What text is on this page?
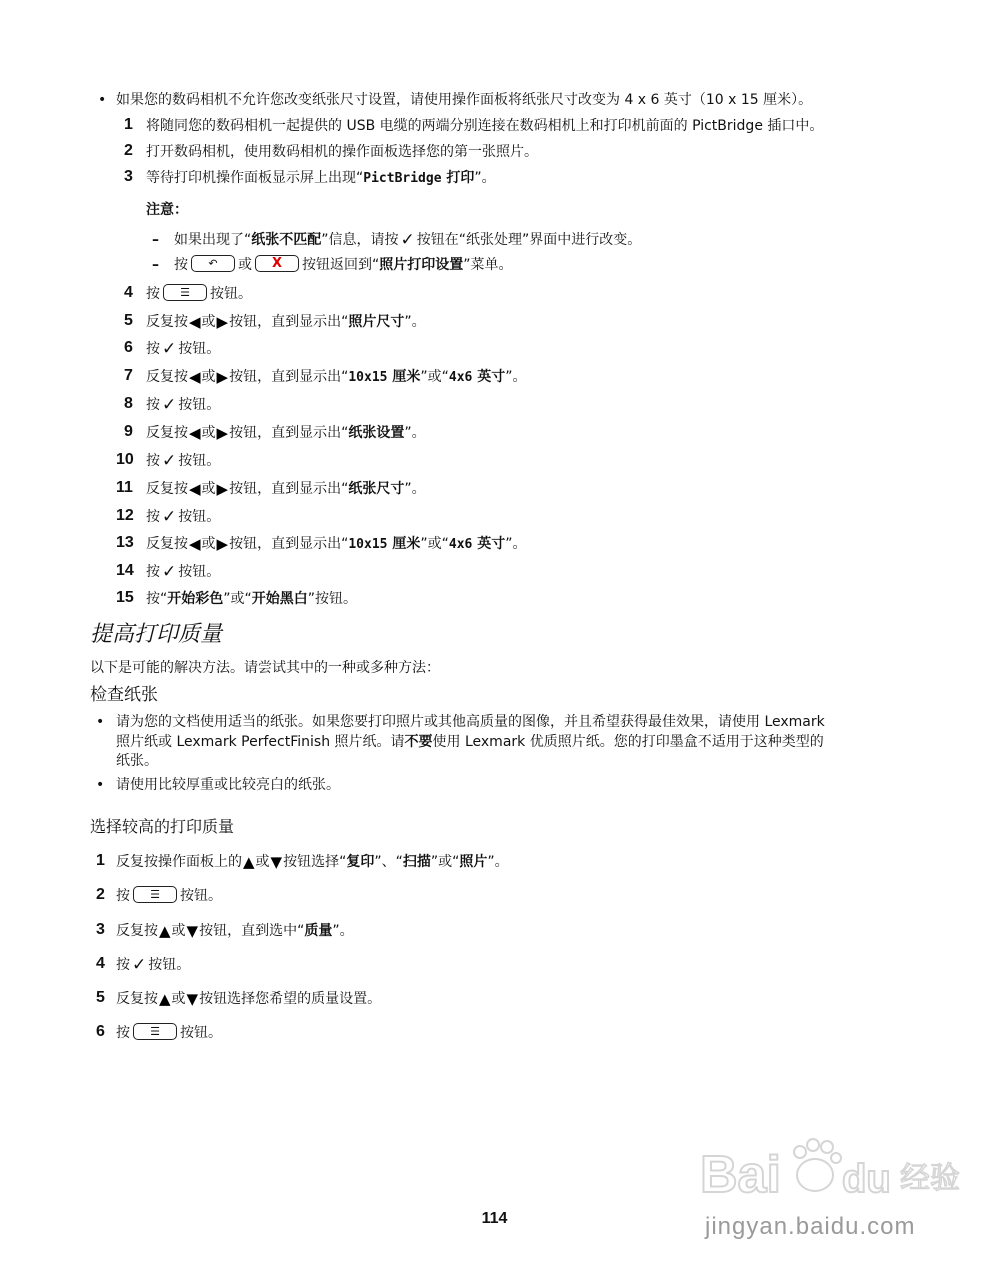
• 如果您的数码相机不允许您改变纸张尺寸设置，请使用操作面板将纸张尺寸改变为 4 x 6 英寸（10 x 15 厘米）。
1 将随同您的数码相机一起提供的 USB 电缆的两端分别连接在数码相机上和打印机前面的 PictBridge 插口中。
2 打开数码相机，使用数码相机的操作面板选择您的第一张照片。
3 等待打印机操作面板显示屏上出现“PictBridge 打印”。
注意：
– 如果出现了“纸张不匹配”信息，请按 ✓ 按钮在“纸张处理”界面中进行改变。
– 按 ↶ 或 X 按钮返回到“照片打印设置”菜单。
4 按 ☰ 按钮。
5 反复按◀或▶按钮，直到显示出“照片尺寸”。
6 按 ✓ 按钮。
7 反复按◀或▶按钮，直到显示出“10x15 厘米”或“4x6 英寸”。
8 按 ✓ 按钮。
9 反复按◀或▶按钮，直到显示出“纸张设置”。
10 按 ✓ 按钮。
11 反复按◀或▶按钮，直到显示出“纸张尺寸”。
12 按 ✓ 按钮。
13 反复按◀或▶按钮，直到显示出“10x15 厘米”或“4x6 英寸”。
14 按 ✓ 按钮。
15 按“开始彩色”或“开始黑白”按钮。
提高打印质量
以下是可能的解决方法。请尝试其中的一种或多种方法：
检查纸张
• 请为您的文档使用适当的纸张。如果您要打印照片或其他高质量的图像，并且希望获得最佳效果，请使用 Lexmark
照片纸或 Lexmark PerfectFinish 照片纸。请不要使用 Lexmark 优质照片纸。您的打印墨盒不适用于这种类型的
纸张。
• 请使用比较厚重或比较亮白的纸张。
选择较高的打印质量
1 反复按操作面板上的▲或▼按钮选择“复印”、“扫描”或“照片”。
2 按 ☰ 按钮。
3 反复按▲或▼按钮，直到选中“质量”。
4 按 ✓ 按钮。
5 反复按▲或▼按钮选择您希望的质量设置。
6 按 ☰ 按钮。
114
Bai du 经验
jingyan.baidu.com
